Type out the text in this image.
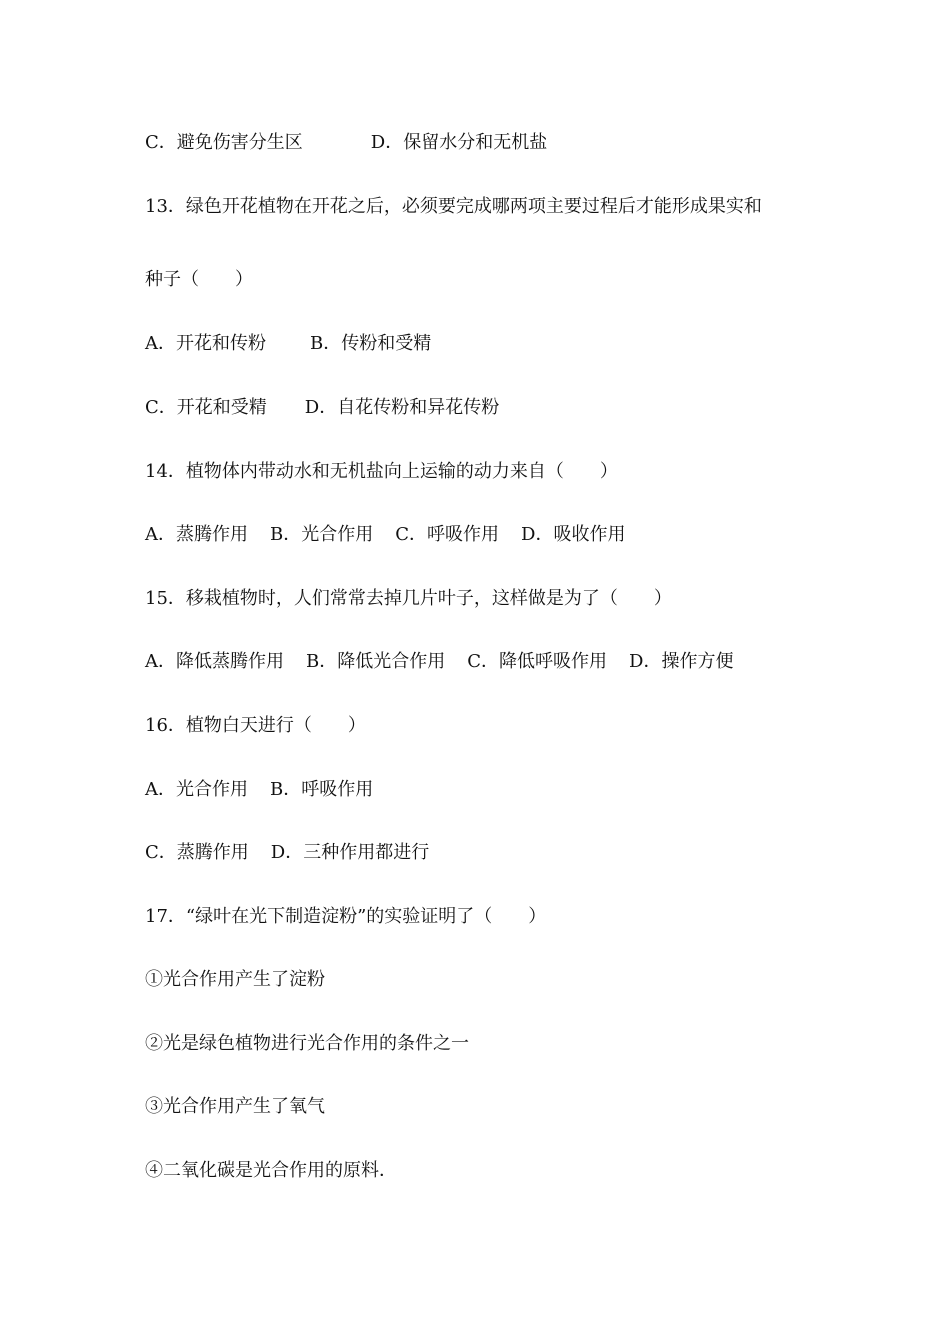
C．避免伤害分生区	D．保留水分和无机盐
13．绿色开花植物在开花之后，必须要完成哪两项主要过程后才能形成果实和
种子（　　）
A．开花和传粉 B．传粉和受精
C．开花和受精 D．自花传粉和异花传粉
14．植物体内带动水和无机盐向上运输的动力来自（　　）
A．蒸腾作用 B．光合作用 C．呼吸作用 D．吸收作用
15．移栽植物时，人们常常去掉几片叶子，这样做是为了（　　）
A．降低蒸腾作用 B．降低光合作用 C．降低呼吸作用 D．操作方便
16．植物白天进行（　　）
A．光合作用 B．呼吸作用
C．蒸腾作用 D．三种作用都进行
17．“绿叶在光下制造淀粉”的实验证明了（　　）
①光合作用产生了淀粉
②光是绿色植物进行光合作用的条件之一
③光合作用产生了氧气
④二氧化碳是光合作用的原料．
